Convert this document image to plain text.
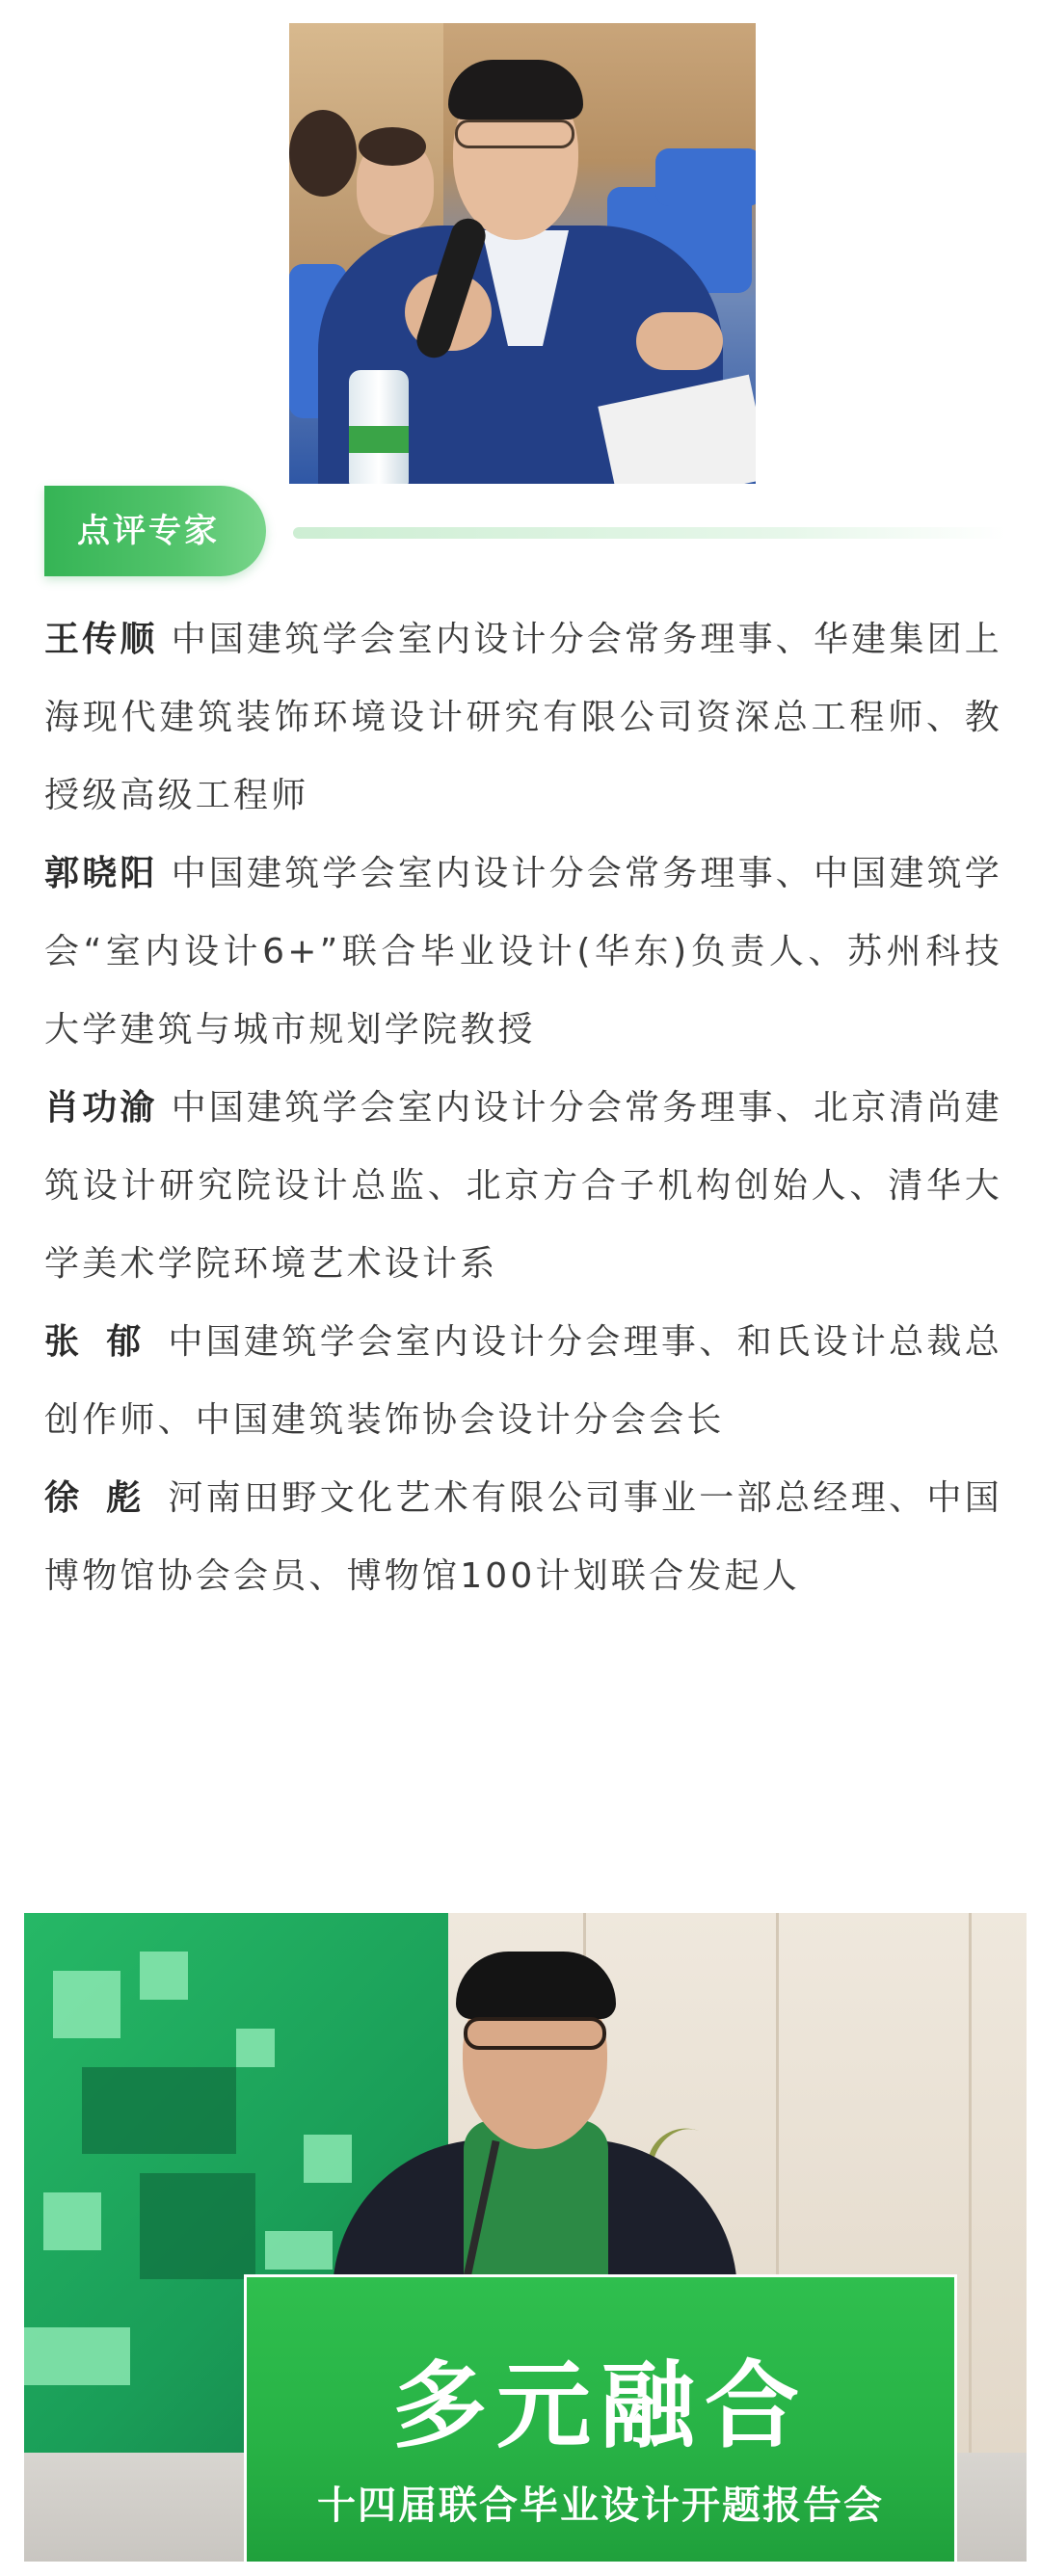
点评专家
王传顺 中国建筑学会室内设计分会常务理事、华建集团上海现代建筑装饰环境设计研究有限公司资深总工程师、教授级高级工程师
郭晓阳 中国建筑学会室内设计分会常务理事、中国建筑学会“室内设计6+”联合毕业设计(华东)负责人、苏州科技大学建筑与城市规划学院教授
肖功渝 中国建筑学会室内设计分会常务理事、北京清尚建筑设计研究院设计总监、北京方合子机构创始人、清华大学美术学院环境艺术设计系
张郁中国建筑学会室内设计分会理事、和氏设计总裁总创作师、中国建筑装饰协会设计分会会长
徐彪河南田野文化艺术有限公司事业一部总经理、中国博物馆协会会员、博物馆100计划联合发起人
多元融合
十四届联合毕业设计开题报告会
